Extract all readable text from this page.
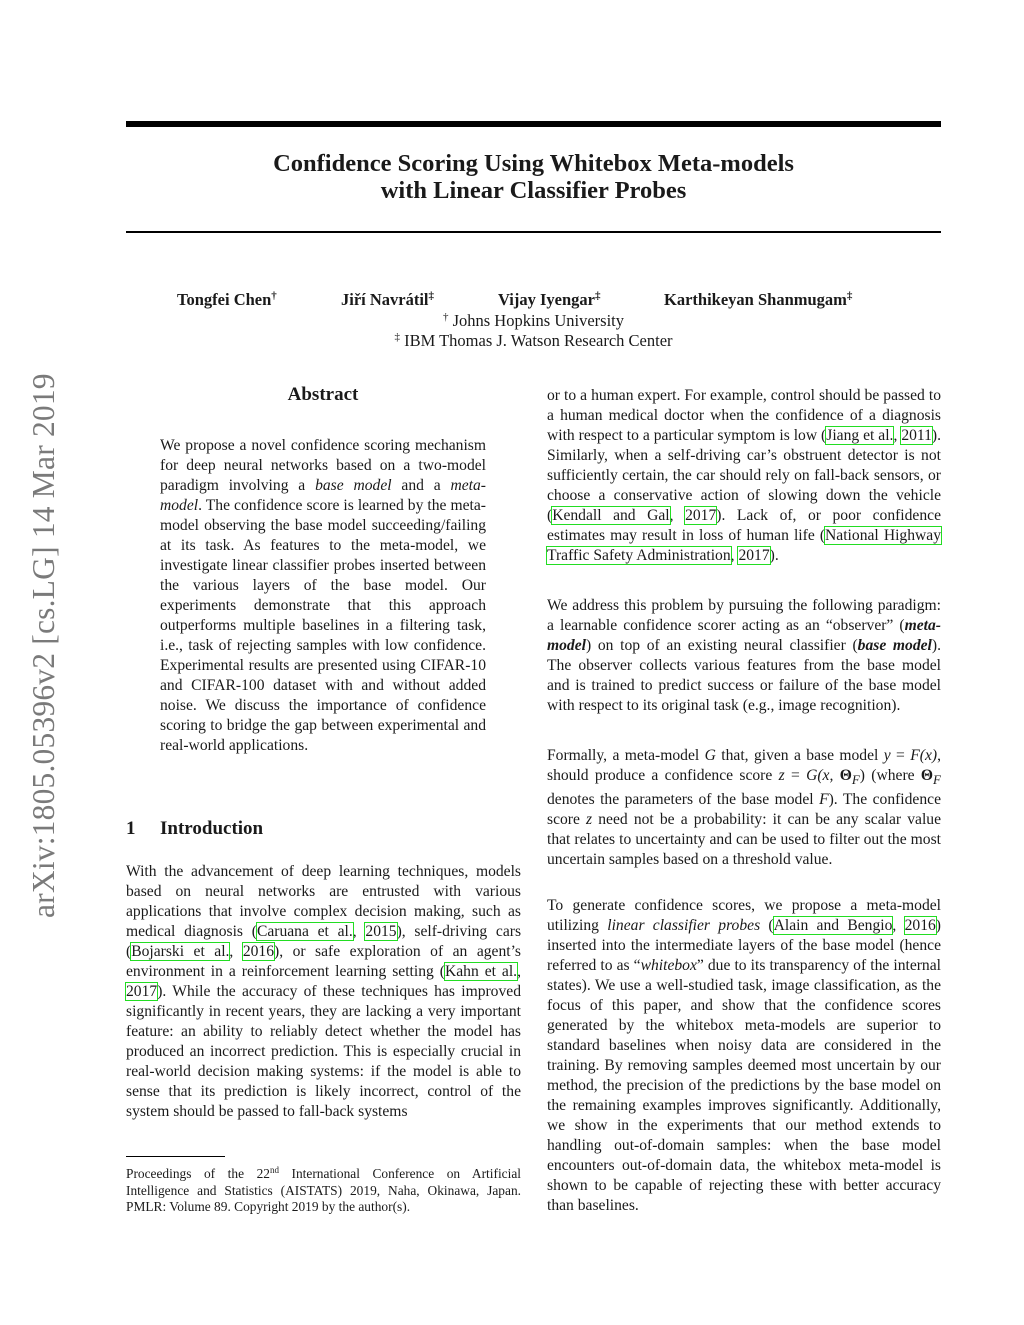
arXiv:1805.05396v2 [cs.LG] 14 Mar 2019
Confidence Scoring Using Whitebox Meta-models
with Linear Classifier Probes
Tongfei Chen†	Jiří Navrátil‡	Vijay Iyengar‡	Karthikeyan Shanmugam‡
† Johns Hopkins University
‡ IBM Thomas J. Watson Research Center
Abstract

We propose a novel confidence scoring mechanism for deep neural networks based on a two-model paradigm involving a base model and a meta-model. The confidence score is learned by the meta-model observing the base model succeeding/failing at its task. As features to the meta-model, we investigate linear classifier probes inserted between the various layers of the base model. Our experiments demonstrate that this approach outperforms multiple baselines in a filtering task, i.e., task of rejecting samples with low confidence. Experimental results are presented using CIFAR-10 and CIFAR-100 dataset with and without added noise. We discuss the importance of confidence scoring to bridge the gap between experimental and real-world applications.

1 Introduction

With the advancement of deep learning techniques, models based on neural networks are entrusted with various applications that involve complex decision making, such as medical diagnosis (Caruana et al., 2015), self-driving cars (Bojarski et al., 2016), or safe exploration of an agent’s environment in a reinforcement learning setting (Kahn et al., 2017). While the accuracy of these techniques has improved significantly in recent years, they are lacking a very important feature: an ability to reliably detect whether the model has produced an incorrect prediction. This is especially crucial in real-world decision making systems: if the model is able to sense that its prediction is likely incorrect, control of the system should be passed to fall-back systems

Proceedings of the 22nd International Conference on Artificial Intelligence and Statistics (AISTATS) 2019, Naha, Okinawa, Japan. PMLR: Volume 89. Copyright 2019 by the author(s).

or to a human expert. For example, control should be passed to a human medical doctor when the confidence of a diagnosis with respect to a particular symptom is low (Jiang et al., 2011). Similarly, when a self-driving car’s obstruent detector is not sufficiently certain, the car should rely on fall-back sensors, or choose a conservative action of slowing down the vehicle (Kendall and Gal, 2017). Lack of, or poor confidence estimates may result in loss of human life (National Highway Traffic Safety Administration, 2017).

We address this problem by pursuing the following paradigm: a learnable confidence scorer acting as an “observer” (meta-model) on top of an existing neural classifier (base model). The observer collects various features from the base model and is trained to predict success or failure of the base model with respect to its original task (e.g., image recognition).

Formally, a meta-model G that, given a base model y = F(x), should produce a confidence score z = G(x, $\Theta_F$) (where $\Theta_F$ denotes the parameters of the base model F). The confidence score z need not be a probability: it can be any scalar value that relates to uncertainty and can be used to filter out the most uncertain samples based on a threshold value.

To generate confidence scores, we propose a meta-model utilizing linear classifier probes (Alain and Bengio, 2016) inserted into the intermediate layers of the base model (hence referred to as “whitebox” due to its transparency of the internal states). We use a well-studied task, image classification, as the focus of this paper, and show that the confidence scores generated by the whitebox meta-models are superior to standard baselines when noisy data are considered in the training. By removing samples deemed most uncertain by our method, the precision of the predictions by the base model on the remaining examples improves significantly. Additionally, we show in the experiments that our method extends to handling out-of-domain samples: when the base model encounters out-of-domain data, the whitebox meta-model is shown to be capable of rejecting these with better accuracy than baselines.
